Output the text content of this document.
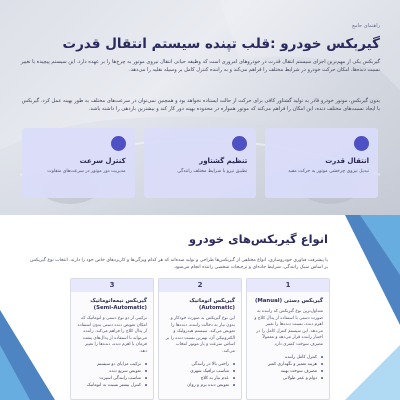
راهنمای جامع
گیربکس خودرو :قلب تپنده سیستم انتقال قدرت

گیربکس یکی از مهم‌ترین اجزای سیستم انتقال قدرت در خودروهای امروزی است که وظیفه حیاتی انتقال نیروی موتور به چرخ‌ها را بر عهده دارد. این سیستم پیچیده با تغییر نسبت دنده‌ها، امکان حرکت خودرو در شرایط مختلف را فراهم می‌کند و به راننده کنترل کامل بر وسیله نقلیه را می‌دهد.

بدون گیربکس، موتور خودرو قادر به تولید گشتاور کافی برای حرکت از حالت ایستاده نخواهد بود و همچنین نمی‌توان در سرعت‌های مختلف به طور بهینه عمل کرد. گیربکس با ایجاد نسبت‌های مختلف دنده، این امکان را فراهم می‌کند که موتور همواره در محدوده بهینه دور کار کند و بیشترین بازدهی را داشته باشد.

انتقال قدرت
تبدیل نیروی چرخشی موتور به حرکت مفید
تنظیم گشتاور
تطبیق نیرو با شرایط مختلف رانندگی
کنترل سرعت
مدیریت دور موتور در سرعت‌های متفاوت
انواع گیربکس‌های خودرو

با پیشرفت فناوری خودروسازی، انواع مختلفی از گیربکس‌ها طراحی و تولید شده‌اند که هر کدام ویژگی‌ها و کاربردهای خاص خود را دارند. انتخاب نوع گیربکس بر اساس سبک رانندگی، شرایط جاده‌ای و ترجیحات شخصی راننده انجام می‌شود.

1
گیربکس دستی (Manual)
متداول‌ترین نوع گیربکس که راننده به صورت دستی با استفاده از پدال کلاچ و اهرم دنده، نسبت دنده‌ها را تغییر می‌دهد. این سیستم کنترل کامل را در اختیار راننده قرار می‌دهد و معمولاً مصرف سوخت کمتری دارد.
کنترل کامل راننده
هزینه تعمیر و نگهداری کمتر
مصرف سوخت بهینه
دوام و عمر طولانی
2
گیربکس اتوماتیک (Automatic)
این نوع گیربکس به صورت خودکار و بدون نیاز به دخالت راننده، دنده‌ها را تعویض می‌کند. سیستم هیدرولیک و الکترونیکی آن، بهترین نسبت دنده را بر اساس سرعت و بار موتور انتخاب می‌کند.
راحتی بالا در رانندگی
مناسب ترافیک شهری
عدم نیاز به کلاچ
تعویض دنده نرم و روان
3
گیربکس نیمه‌اتوماتیک (Semi-Automatic)
ترکیبی از دو نوع دستی و اتوماتیک که امکان تعویض دنده دستی بدون استفاده از پدال کلاچ را فراهم می‌کند. راننده می‌تواند با استفاده از پدال‌های پشت فرمان یا اهرم دنده، دنده‌ها را تغییر دهد.
ترکیب مزایای دو سیستم
تعویض سریع دنده
مناسب رانندگی اسپرت
کنترل بیشتر نسبت به اتوماتیک
